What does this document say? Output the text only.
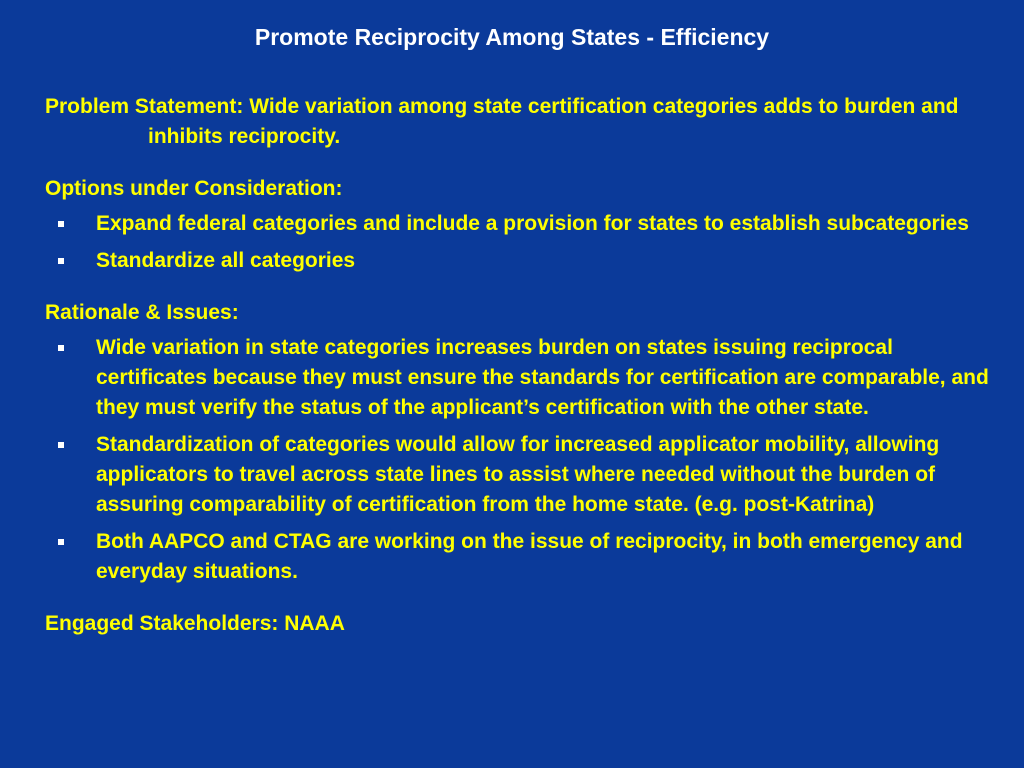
Promote Reciprocity Among States - Efficiency

Problem Statement: Wide variation among state certification categories adds to burden and inhibits reciprocity.

Options under Consideration:
Expand federal categories and include a provision for states to establish subcategories
Standardize all categories
Rationale & Issues:
Wide variation in state categories increases burden on states issuing reciprocal certificates because they must ensure the standards for certification are comparable, and they must verify the status of the applicant’s certification with the other state.
Standardization of categories would allow for increased applicator mobility, allowing applicators to travel across state lines to assist where needed without the burden of assuring comparability of certification from the home state. (e.g. post-Katrina)
Both AAPCO and CTAG are working on the issue of reciprocity, in both emergency and everyday situations.
Engaged Stakeholders: NAAA
